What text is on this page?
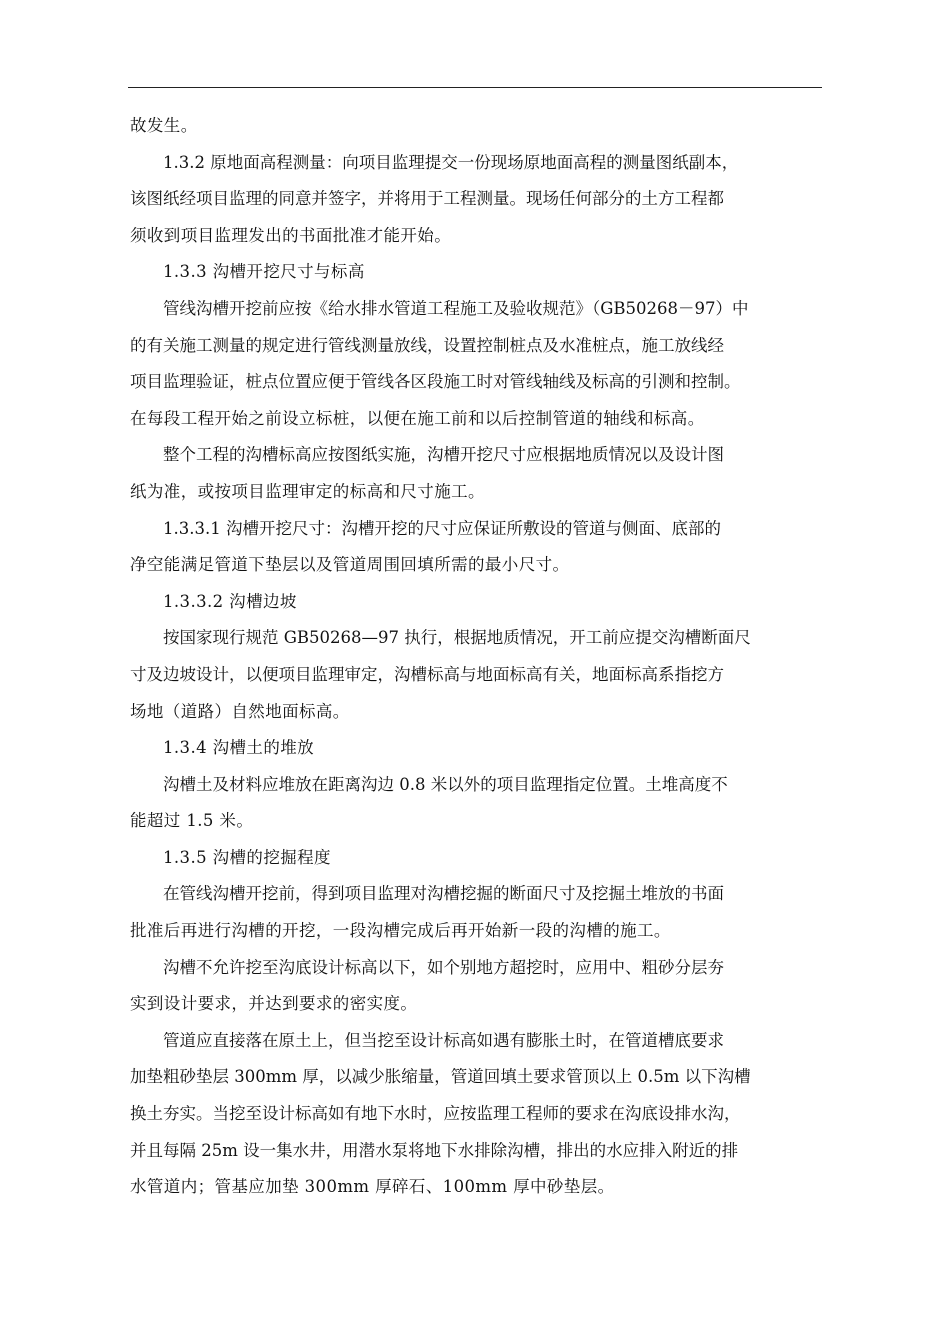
故发生。
1.3.2 原地面高程测量：向项目监理提交一份现场原地面高程的测量图纸副本，
该图纸经项目监理的同意并签字，并将用于工程测量。现场任何部分的土方工程都
须收到项目监理发出的书面批准才能开始。
1.3.3 沟槽开挖尺寸与标高
管线沟槽开挖前应按《给水排水管道工程施工及验收规范》（GB50268－97）中
的有关施工测量的规定进行管线测量放线，设置控制桩点及水准桩点，施工放线经
项目监理验证，桩点位置应便于管线各区段施工时对管线轴线及标高的引测和控制。
在每段工程开始之前设立标桩，以便在施工前和以后控制管道的轴线和标高。
整个工程的沟槽标高应按图纸实施，沟槽开挖尺寸应根据地质情况以及设计图
纸为准，或按项目监理审定的标高和尺寸施工。
1.3.3.1 沟槽开挖尺寸：沟槽开挖的尺寸应保证所敷设的管道与侧面、底部的
净空能满足管道下垫层以及管道周围回填所需的最小尺寸。
1.3.3.2 沟槽边坡
按国家现行规范 GB50268—97 执行，根据地质情况，开工前应提交沟槽断面尺
寸及边坡设计，以便项目监理审定，沟槽标高与地面标高有关，地面标高系指挖方
场地（道路）自然地面标高。
1.3.4 沟槽土的堆放
沟槽土及材料应堆放在距离沟边 0.8 米以外的项目监理指定位置。土堆高度不
能超过 1.5 米。
1.3.5 沟槽的挖掘程度
在管线沟槽开挖前，得到项目监理对沟槽挖掘的断面尺寸及挖掘土堆放的书面
批准后再进行沟槽的开挖，一段沟槽完成后再开始新一段的沟槽的施工。
沟槽不允许挖至沟底设计标高以下，如个别地方超挖时，应用中、粗砂分层夯
实到设计要求，并达到要求的密实度。
管道应直接落在原土上，但当挖至设计标高如遇有膨胀土时，在管道槽底要求
加垫粗砂垫层 300mm 厚，以减少胀缩量，管道回填土要求管顶以上 0.5m 以下沟槽
换土夯实。当挖至设计标高如有地下水时，应按监理工程师的要求在沟底设排水沟，
并且每隔 25m 设一集水井，用潜水泵将地下水排除沟槽，排出的水应排入附近的排
水管道内；管基应加垫 300mm 厚碎石、100mm 厚中砂垫层。
